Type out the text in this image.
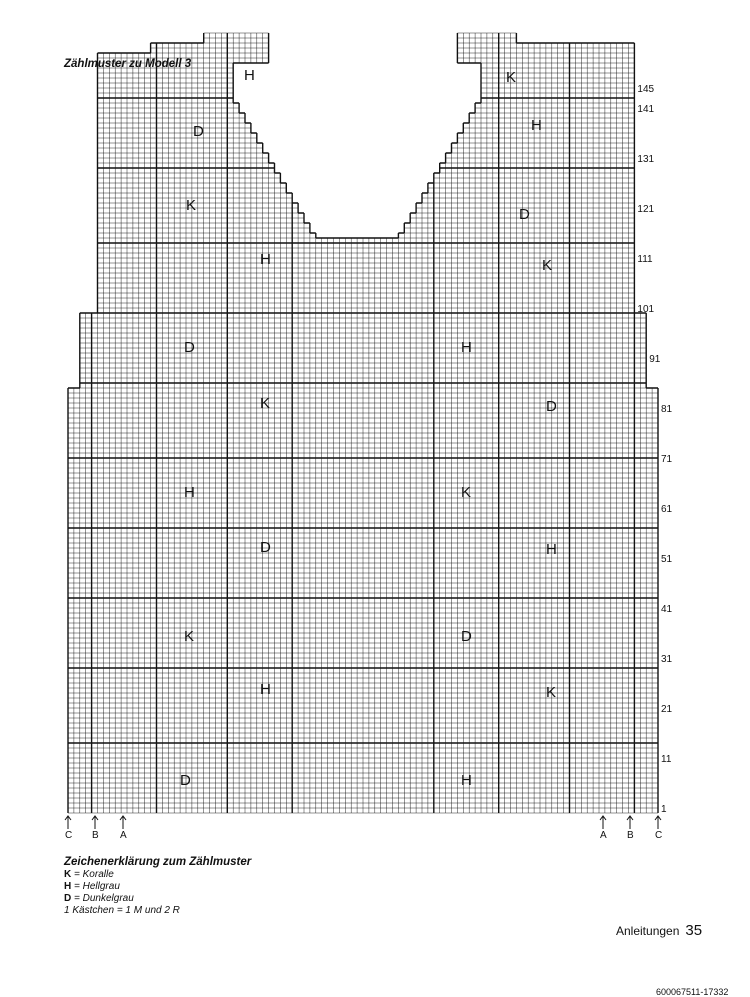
Zählmuster zu Modell 3
1
11
21
31
41
51
61
71
81
91
101
111
121
131
141
145
C B A	A B C
D
H
K
D
H
K
D
H
K
D
H
H
K
D
H
K
D
H
K
D
H
K
Zeichenerklärung zum Zählmuster
K = Koralle
H = Hellgrau
D = Dunkelgrau
1 Kästchen = 1 M und 2 R
Anleitungen 35
600067511-17332
